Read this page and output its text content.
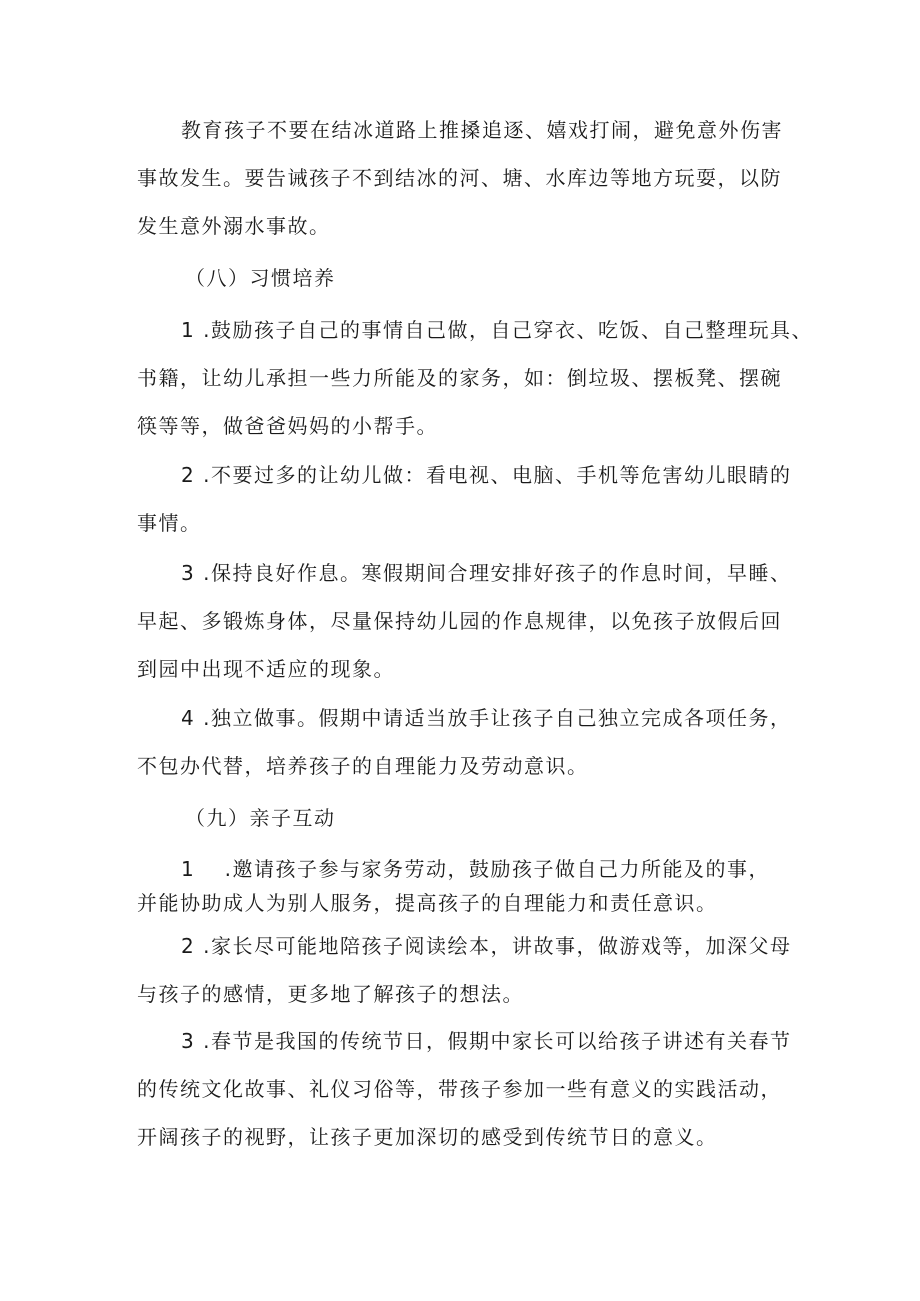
教育孩子不要在结冰道路上推搡追逐、嬉戏打闹，避免意外伤害
事故发生。要告诫孩子不到结冰的河、塘、水库边等地方玩耍，以防
发生意外溺水事故。
（八）习惯培养
1 .鼓励孩子自己的事情自己做，自己穿衣、吃饭、自己整理玩具、
书籍，让幼儿承担一些力所能及的家务，如：倒垃圾、摆板凳、摆碗
筷等等，做爸爸妈妈的小帮手。
2 .不要过多的让幼儿做：看电视、电脑、手机等危害幼儿眼睛的
事情。
3 .保持良好作息。寒假期间合理安排好孩子的作息时间，早睡、
早起、多锻炼身体，尽量保持幼儿园的作息规律，以免孩子放假后回
到园中出现不适应的现象。
4 .独立做事。假期中请适当放手让孩子自己独立完成各项任务，
不包办代替，培养孩子的自理能力及劳动意识。
（九）亲子互动
1 　.邀请孩子参与家务劳动，鼓励孩子做自己力所能及的事，
并能协助成人为别人服务，提高孩子的自理能力和责任意识。
2 .家长尽可能地陪孩子阅读绘本，讲故事，做游戏等，加深父母
与孩子的感情，更多地了解孩子的想法。
3 .春节是我国的传统节日，假期中家长可以给孩子讲述有关春节
的传统文化故事、礼仪习俗等，带孩子参加一些有意义的实践活动，
开阔孩子的视野，让孩子更加深切的感受到传统节日的意义。
